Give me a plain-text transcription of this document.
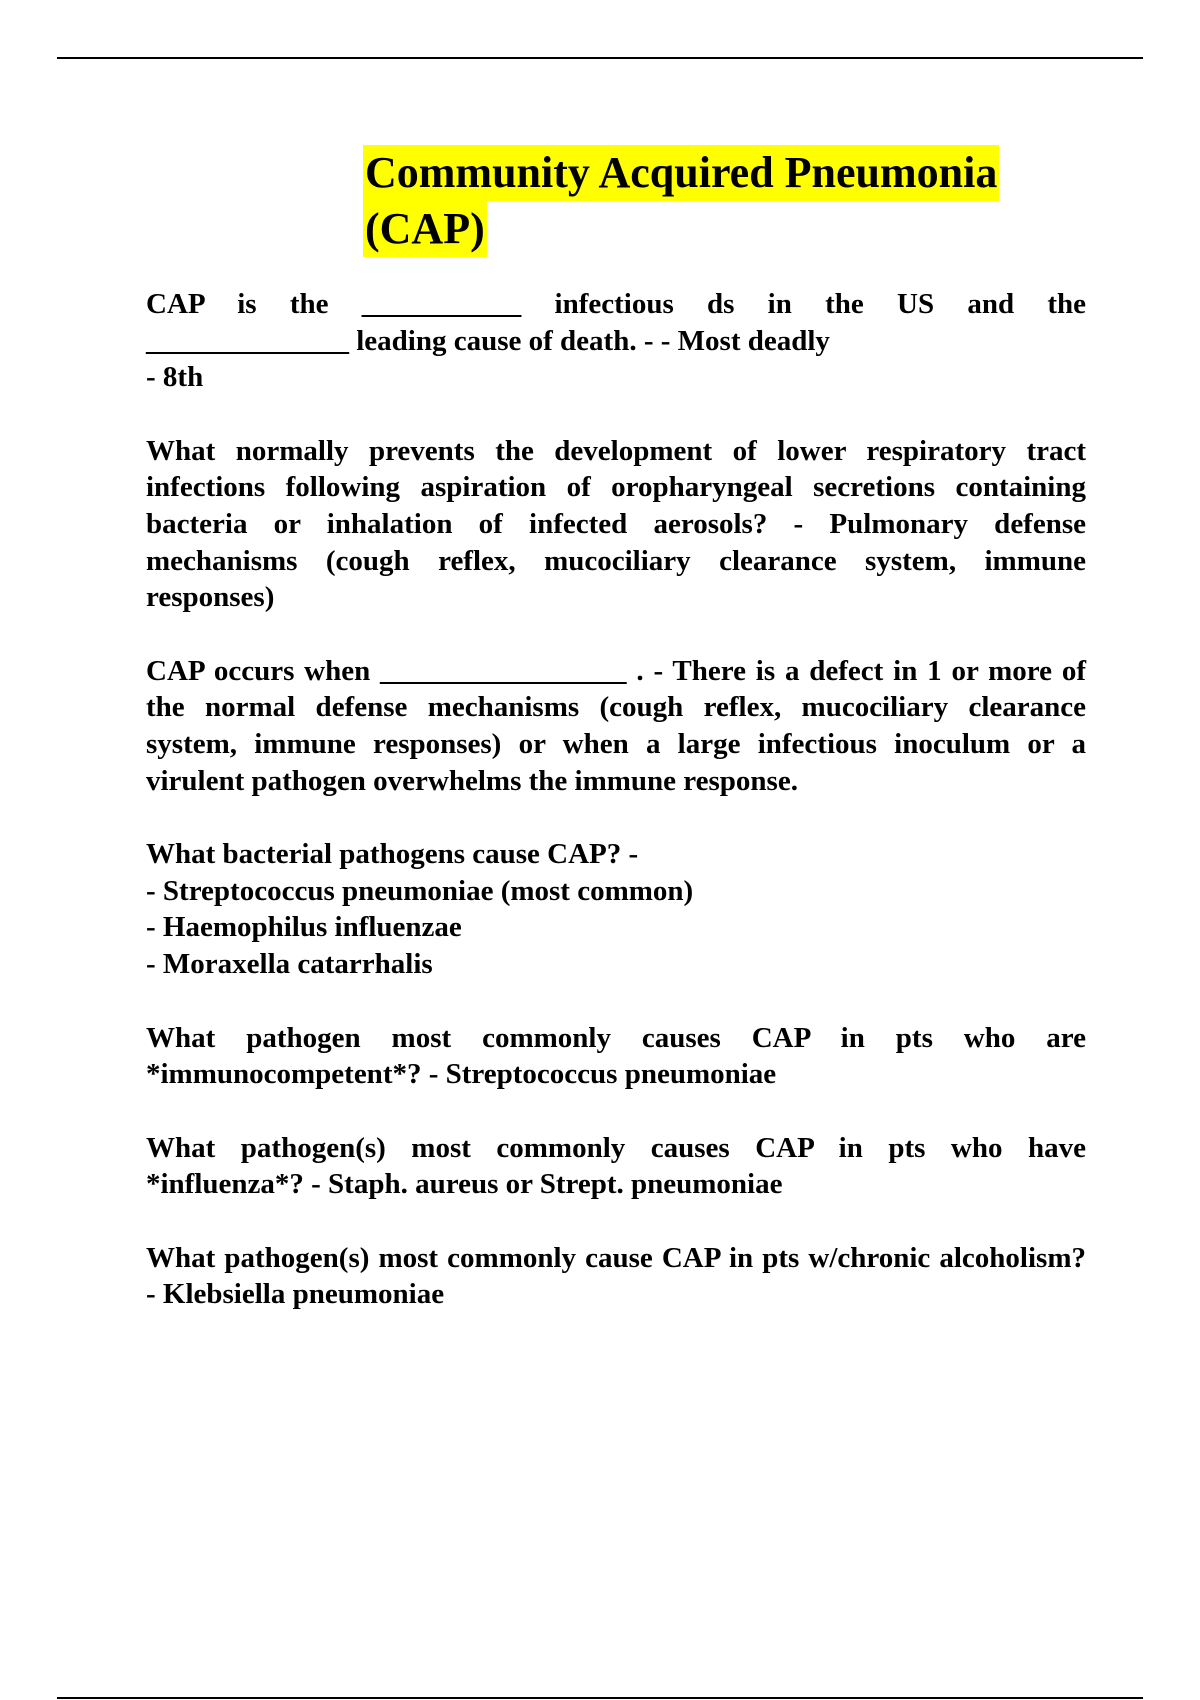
Community Acquired Pneumonia
(CAP)
CAP is the ___________ infectious ds in the US and the
______________ leading cause of death. - - Most deadly
- 8th
What normally prevents the development of lower respiratory tract infections following aspiration of oropharyngeal secretions containing bacteria or inhalation of infected aerosols? - Pulmonary defense mechanisms (cough reflex, mucociliary clearance system, immune responses)
CAP occurs when _________________ . - There is a defect in 1 or more of the normal defense mechanisms (cough reflex, mucociliary clearance system, immune responses) or when a large infectious inoculum or a virulent pathogen overwhelms the immune response.
What bacterial pathogens cause CAP? -
- Streptococcus pneumoniae (most common)
- Haemophilus influenzae
- Moraxella catarrhalis
What pathogen most commonly causes CAP in pts who are *immunocompetent*? - Streptococcus pneumoniae
What pathogen(s) most commonly causes CAP in pts who have *influenza*? - Staph. aureus or Strept. pneumoniae
What pathogen(s) most commonly cause CAP in pts w/chronic alcoholism? - Klebsiella pneumoniae
